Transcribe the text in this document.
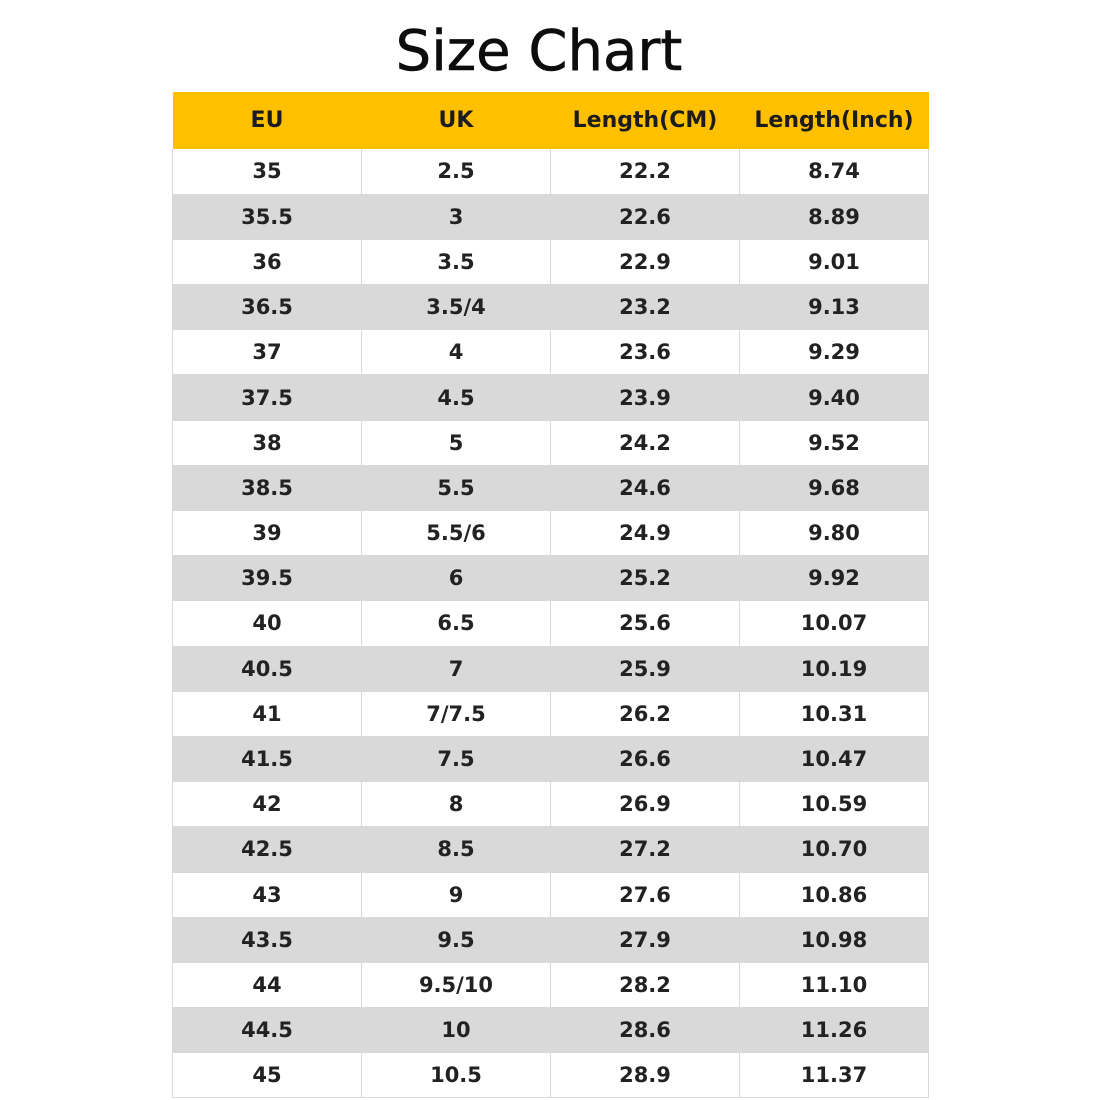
Size Chart
EU	UK	Length(CM)	Length(Inch)
35	2.5	22.2	8.74
35.5	3	22.6	8.89
36	3.5	22.9	9.01
36.5	3.5/4	23.2	9.13
37	4	23.6	9.29
37.5	4.5	23.9	9.40
38	5	24.2	9.52
38.5	5.5	24.6	9.68
39	5.5/6	24.9	9.80
39.5	6	25.2	9.92
40	6.5	25.6	10.07
40.5	7	25.9	10.19
41	7/7.5	26.2	10.31
41.5	7.5	26.6	10.47
42	8	26.9	10.59
42.5	8.5	27.2	10.70
43	9	27.6	10.86
43.5	9.5	27.9	10.98
44	9.5/10	28.2	11.10
44.5	10	28.6	11.26
45	10.5	28.9	11.37
